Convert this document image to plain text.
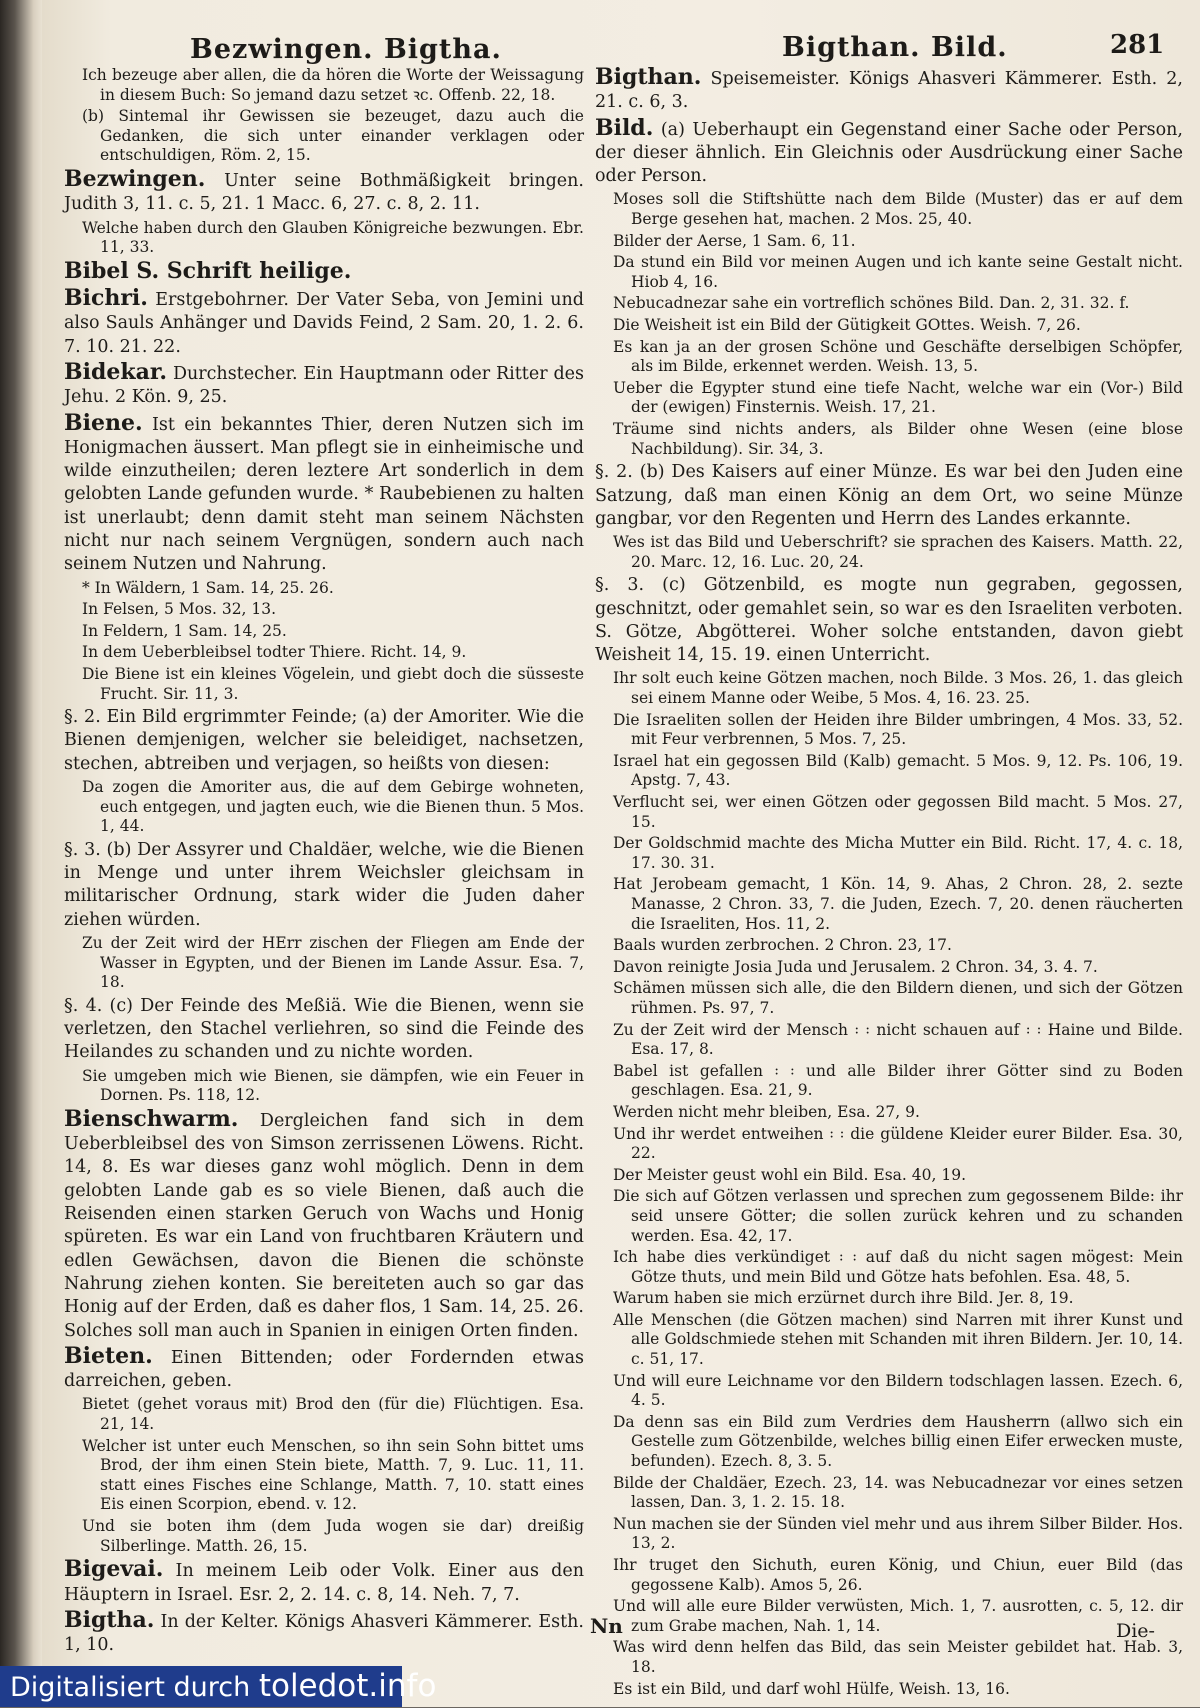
Bezwingen. Bigtha.	Bigthan. Bild.	281

Ich bezeuge aber allen, die da hören die Worte der Weissagung in diesem Buch: So jemand dazu setzet ꝛc. Offenb. 22, 18.

(b) Sintemal ihr Gewissen sie bezeuget, dazu auch die Gedanken, die sich unter einander verklagen oder entschuldigen, Röm. 2, 15.

Bezwingen. Unter seine Bothmäßigkeit bringen. Judith 3, 11. c. 5, 21. 1 Macc. 6, 27. c. 8, 2. 11.

Welche haben durch den Glauben Königreiche bezwungen. Ebr. 11, 33.

Bibel S. Schrift heilige.

Bichri. Erstgebohrner. Der Vater Seba, von Jemini und also Sauls Anhänger und Davids Feind, 2 Sam. 20, 1. 2. 6. 7. 10. 21. 22.

Bidekar. Durchstecher. Ein Hauptmann oder Ritter des Jehu. 2 Kön. 9, 25.

Biene. Ist ein bekanntes Thier, deren Nutzen sich im Honigmachen äussert. Man pflegt sie in einheimische und wilde einzutheilen; deren leztere Art sonderlich in dem gelobten Lande gefunden wurde. * Raubebienen zu halten ist unerlaubt; denn damit steht man seinem Nächsten nicht nur nach seinem Vergnügen, sondern auch nach seinem Nutzen und Nahrung.

* In Wäldern, 1 Sam. 14, 25. 26.

In Felsen, 5 Mos. 32, 13.

In Feldern, 1 Sam. 14, 25.

In dem Ueberbleibsel todter Thiere. Richt. 14, 9.

Die Biene ist ein kleines Vögelein, und giebt doch die süsseste Frucht. Sir. 11, 3.

§. 2. Ein Bild ergrimmter Feinde; (a) der Amoriter. Wie die Bienen demjenigen, welcher sie beleidiget, nachsetzen, stechen, abtreiben und verjagen, so heißts von diesen:

Da zogen die Amoriter aus, die auf dem Gebirge wohneten, euch entgegen, und jagten euch, wie die Bienen thun. 5 Mos. 1, 44.

§. 3. (b) Der Assyrer und Chaldäer, welche, wie die Bienen in Menge und unter ihrem Weichsler gleichsam in militarischer Ordnung, stark wider die Juden daher ziehen würden.

Zu der Zeit wird der HErr zischen der Fliegen am Ende der Wasser in Egypten, und der Bienen im Lande Assur. Esa. 7, 18.

§. 4. (c) Der Feinde des Meßiä. Wie die Bienen, wenn sie verletzen, den Stachel verliehren, so sind die Feinde des Heilandes zu schanden und zu nichte worden.

Sie umgeben mich wie Bienen, sie dämpfen, wie ein Feuer in Dornen. Ps. 118, 12.

Bienschwarm. Dergleichen fand sich in dem Ueberbleibsel des von Simson zerrissenen Löwens. Richt. 14, 8. Es war dieses ganz wohl möglich. Denn in dem gelobten Lande gab es so viele Bienen, daß auch die Reisenden einen starken Geruch von Wachs und Honig spüreten. Es war ein Land von fruchtbaren Kräutern und edlen Gewächsen, davon die Bienen die schönste Nahrung ziehen konten. Sie bereiteten auch so gar das Honig auf der Erden, daß es daher flos, 1 Sam. 14, 25. 26. Solches soll man auch in Spanien in einigen Orten finden.

Bieten. Einen Bittenden; oder Fordernden etwas darreichen, geben.

Bietet (gehet voraus mit) Brod den (für die) Flüchtigen. Esa. 21, 14.

Welcher ist unter euch Menschen, so ihn sein Sohn bittet ums Brod, der ihm einen Stein biete, Matth. 7, 9. Luc. 11, 11. statt eines Fisches eine Schlange, Matth. 7, 10. statt eines Eis einen Scorpion, ebend. v. 12.

Und sie boten ihm (dem Juda wogen sie dar) dreißig Silberlinge. Matth. 26, 15.

Bigevai. In meinem Leib oder Volk. Einer aus den Häuptern in Israel. Esr. 2, 2. 14. c. 8, 14. Neh. 7, 7.

Bigtha. In der Kelter. Königs Ahasveri Kämmerer. Esth. 1, 10.

Bigthan. Speisemeister. Königs Ahasveri Kämmerer. Esth. 2, 21. c. 6, 3.

Bild. (a) Ueberhaupt ein Gegenstand einer Sache oder Person, der dieser ähnlich. Ein Gleichnis oder Ausdrückung einer Sache oder Person.

Moses soll die Stiftshütte nach dem Bilde (Muster) das er auf dem Berge gesehen hat, machen. 2 Mos. 25, 40.

Bilder der Aerse, 1 Sam. 6, 11.

Da stund ein Bild vor meinen Augen und ich kante seine Gestalt nicht. Hiob 4, 16.

Nebucadnezar sahe ein vortreflich schönes Bild. Dan. 2, 31. 32. f.

Die Weisheit ist ein Bild der Gütigkeit GOttes. Weish. 7, 26.

Es kan ja an der grosen Schöne und Geschäfte derselbigen Schöpfer, als im Bilde, erkennet werden. Weish. 13, 5.

Ueber die Egypter stund eine tiefe Nacht, welche war ein (Vor-) Bild der (ewigen) Finsternis. Weish. 17, 21.

Träume sind nichts anders, als Bilder ohne Wesen (eine blose Nachbildung). Sir. 34, 3.

§. 2. (b) Des Kaisers auf einer Münze. Es war bei den Juden eine Satzung, daß man einen König an dem Ort, wo seine Münze gangbar, vor den Regenten und Herrn des Landes erkannte.

Wes ist das Bild und Ueberschrift? sie sprachen des Kaisers. Matth. 22, 20. Marc. 12, 16. Luc. 20, 24.

§. 3. (c) Götzenbild, es mogte nun gegraben, gegossen, geschnitzt, oder gemahlet sein, so war es den Israeliten verboten. S. Götze, Abgötterei. Woher solche entstanden, davon giebt Weisheit 14, 15. 19. einen Unterricht.

Ihr solt euch keine Götzen machen, noch Bilde. 3 Mos. 26, 1. das gleich sei einem Manne oder Weibe, 5 Mos. 4, 16. 23. 25.

Die Israeliten sollen der Heiden ihre Bilder umbringen, 4 Mos. 33, 52. mit Feur verbrennen, 5 Mos. 7, 25.

Israel hat ein gegossen Bild (Kalb) gemacht. 5 Mos. 9, 12. Ps. 106, 19. Apstg. 7, 43.

Verflucht sei, wer einen Götzen oder gegossen Bild macht. 5 Mos. 27, 15.

Der Goldschmid machte des Micha Mutter ein Bild. Richt. 17, 4. c. 18, 17. 30. 31.

Hat Jerobeam gemacht, 1 Kön. 14, 9. Ahas, 2 Chron. 28, 2. sezte Manasse, 2 Chron. 33, 7. die Juden, Ezech. 7, 20. denen räucherten die Israeliten, Hos. 11, 2.

Baals wurden zerbrochen. 2 Chron. 23, 17.

Davon reinigte Josia Juda und Jerusalem. 2 Chron. 34, 3. 4. 7.

Schämen müssen sich alle, die den Bildern dienen, und sich der Götzen rühmen. Ps. 97, 7.

Zu der Zeit wird der Mensch ꞉ ꞉ nicht schauen auf ꞉ ꞉ Haine und Bilde. Esa. 17, 8.

Babel ist gefallen ꞉ ꞉ und alle Bilder ihrer Götter sind zu Boden geschlagen. Esa. 21, 9.

Werden nicht mehr bleiben, Esa. 27, 9.

Und ihr werdet entweihen ꞉ ꞉ die güldene Kleider eurer Bilder. Esa. 30, 22.

Der Meister geust wohl ein Bild. Esa. 40, 19.

Die sich auf Götzen verlassen und sprechen zum gegossenem Bilde: ihr seid unsere Götter; die sollen zurück kehren und zu schanden werden. Esa. 42, 17.

Ich habe dies verkündiget ꞉ ꞉ auf daß du nicht sagen mögest: Mein Götze thuts, und mein Bild und Götze hats befohlen. Esa. 48, 5.

Warum haben sie mich erzürnet durch ihre Bild. Jer. 8, 19.

Alle Menschen (die Götzen machen) sind Narren mit ihrer Kunst und alle Goldschmiede stehen mit Schanden mit ihren Bildern. Jer. 10, 14. c. 51, 17.

Und will eure Leichname vor den Bildern todschlagen lassen. Ezech. 6, 4. 5.

Da denn sas ein Bild zum Verdries dem Hausherrn (allwo sich ein Gestelle zum Götzenbilde, welches billig einen Eifer erwecken muste, befunden). Ezech. 8, 3. 5.

Bilde der Chaldäer, Ezech. 23, 14. was Nebucadnezar vor eines setzen lassen, Dan. 3, 1. 2. 15. 18.

Nun machen sie der Sünden viel mehr und aus ihrem Silber Bilder. Hos. 13, 2.

Ihr truget den Sichuth, euren König, und Chiun, euer Bild (das gegossene Kalb). Amos 5, 26.

Und will alle eure Bilder verwüsten, Mich. 1, 7. ausrotten, c. 5, 12. dir zum Grabe machen, Nah. 1, 14.

Was wird denn helfen das Bild, das sein Meister gebildet hat. Hab. 3, 18.

Es ist ein Bild, und darf wohl Hülfe, Weish. 13, 16.

Nn	Die-
Digitalisiert durch toledot.info
